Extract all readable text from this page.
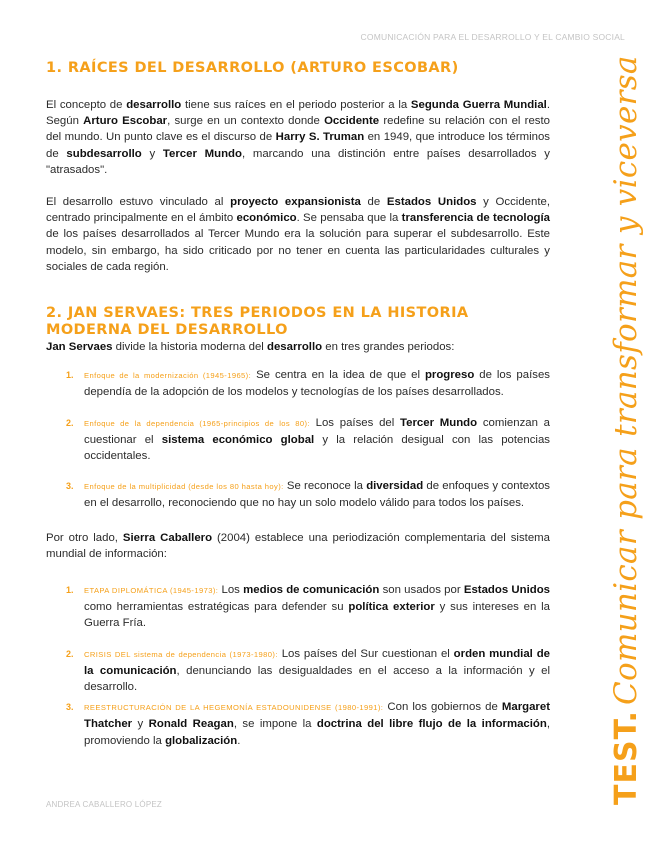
COMUNICACIÓN PARA EL DESARROLLO Y EL CAMBIO SOCIAL
TEST. Comunicar para transformar y viceversa
1. RAÍCES DEL DESARROLLO (ARTURO ESCOBAR)

El concepto de desarrollo tiene sus raíces en el periodo posterior a la Segunda Guerra Mundial. Según Arturo Escobar, surge en un contexto donde Occidente redefine su relación con el resto del mundo. Un punto clave es el discurso de Harry S. Truman en 1949, que introduce los términos de subdesarrollo y Tercer Mundo, marcando una distinción entre países desarrollados y "atrasados".

El desarrollo estuvo vinculado al proyecto expansionista de Estados Unidos y Occidente, centrado principalmente en el ámbito económico. Se pensaba que la transferencia de tecnología de los países desarrollados al Tercer Mundo era la solución para superar el subdesarrollo. Este modelo, sin embargo, ha sido criticado por no tener en cuenta las particularidades culturales y sociales de cada región.

2. JAN SERVAES: TRES PERIODOS EN LA HISTORIA MODERNA DEL DESARROLLO

Jan Servaes divide la historia moderna del desarrollo en tres grandes periodos:

1. Enfoque de la modernización (1945-1965): Se centra en la idea de que el progreso de los países dependía de la adopción de los modelos y tecnologías de los países desarrollados.
2. Enfoque de la dependencia (1965-principios de los 80): Los países del Tercer Mundo comienzan a cuestionar el sistema económico global y la relación desigual con las potencias occidentales.
3. Enfoque de la multiplicidad (desde los 80 hasta hoy): Se reconoce la diversidad de enfoques y contextos en el desarrollo, reconociendo que no hay un solo modelo válido para todos los países.

Por otro lado, Sierra Caballero (2004) establece una periodización complementaria del sistema mundial de información:

1. ETAPA DIPLOMÁTICA (1945-1973): Los medios de comunicación son usados por Estados Unidos como herramientas estratégicas para defender su política exterior y sus intereses en la Guerra Fría.
2. CRISIS DEL sistema de dependencia (1973-1980): Los países del Sur cuestionan el orden mundial de la comunicación, denunciando las desigualdades en el acceso a la información y el desarrollo.
3. REESTRUCTURACIÓN DE LA HEGEMONÍA ESTADOUNIDENSE (1980-1991): Con los gobiernos de Margaret Thatcher y Ronald Reagan, se impone la doctrina del libre flujo de la información, promoviendo la globalización.
ANDREA CABALLERO LÓPEZ
